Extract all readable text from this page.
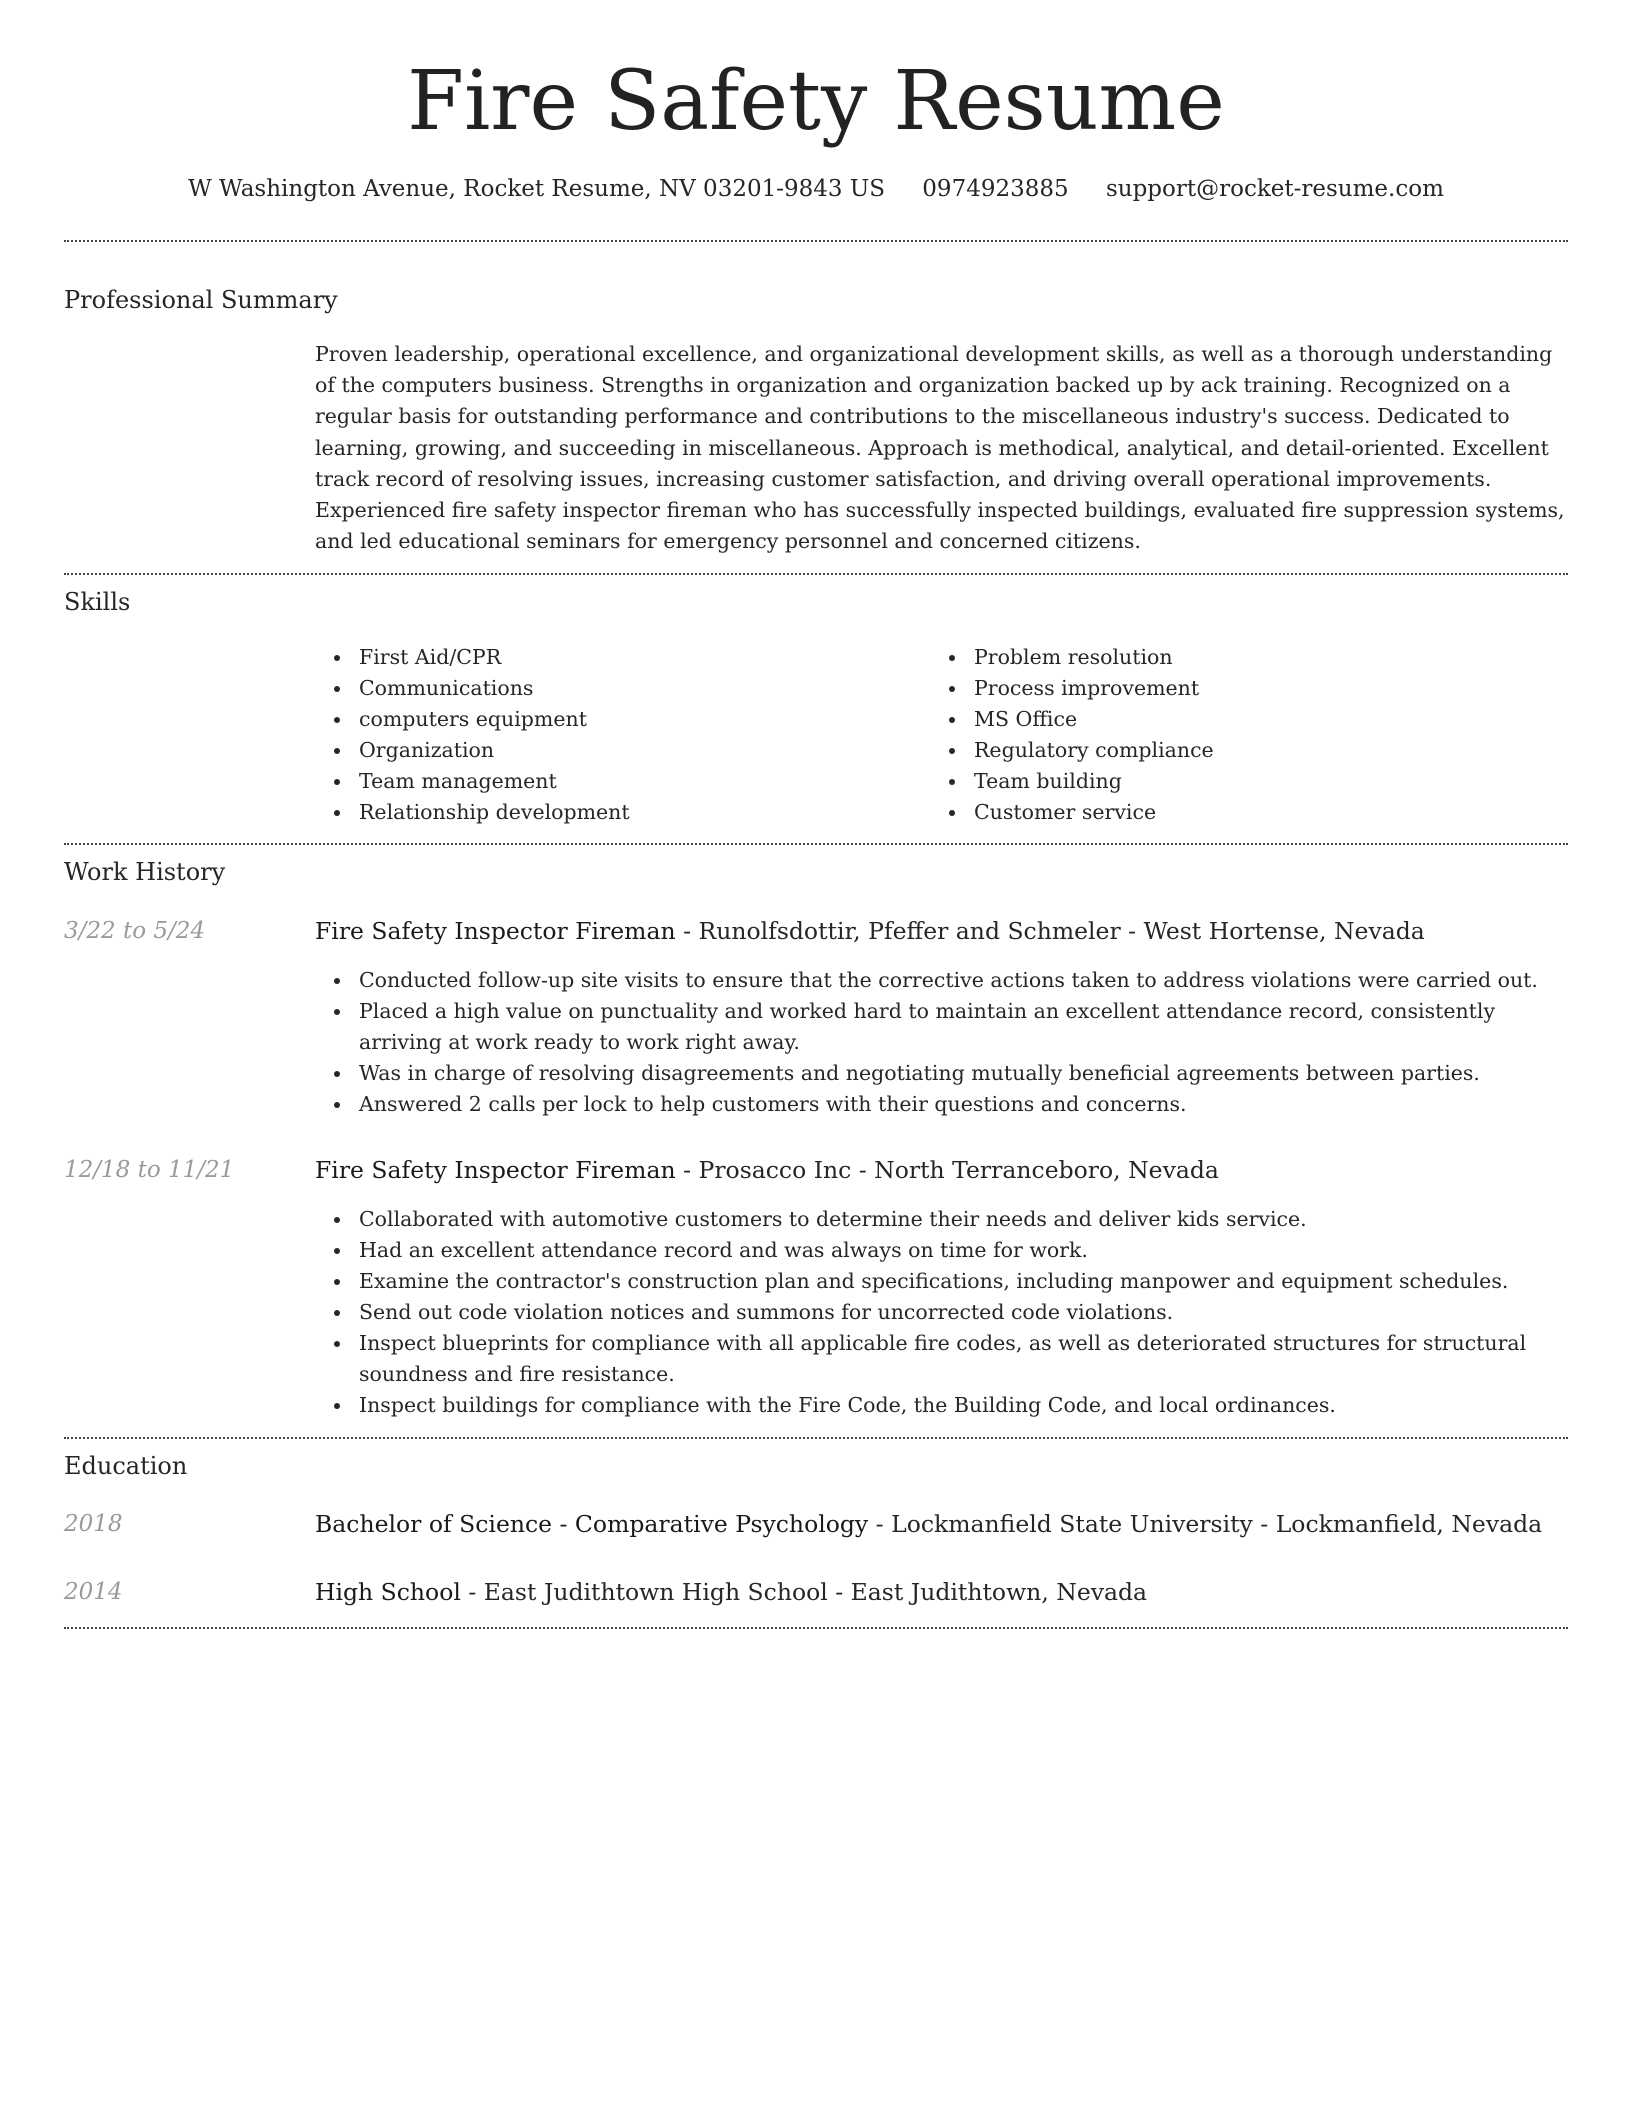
Fire Safety Resume
W Washington Avenue, Rocket Resume, NV 03201-9843 US 0974923885 support@rocket-resume.com
Professional Summary
Proven leadership, operational excellence, and organizational development skills, as well as a thorough understanding of the computers business. Strengths in organization and organization backed up by ack training. Recognized on a regular basis for outstanding performance and contributions to the miscellaneous industry's success. Dedicated to learning, growing, and succeeding in miscellaneous. Approach is methodical, analytical, and detail-oriented. Excellent track record of resolving issues, increasing customer satisfaction, and driving overall operational improvements. Experienced fire safety inspector fireman who has successfully inspected buildings, evaluated fire suppression systems, and led educational seminars for emergency personnel and concerned citizens.
Skills
First Aid/CPR
Communications
computers equipment
Organization
Team management
Relationship development
Problem resolution
Process improvement
MS Office
Regulatory compliance
Team building
Customer service
Work History
3/22 to 5/24	Fire Safety Inspector Fireman - Runolfsdottir, Pfeffer and Schmeler - West Hortense, Nevada
Conducted follow-up site visits to ensure that the corrective actions taken to address violations were carried out.
Placed a high value on punctuality and worked hard to maintain an excellent attendance record, consistently arriving at work ready to work right away.
Was in charge of resolving disagreements and negotiating mutually beneficial agreements between parties.
Answered 2 calls per lock to help customers with their questions and concerns.
12/18 to 11/21	Fire Safety Inspector Fireman - Prosacco Inc - North Terranceboro, Nevada
Collaborated with automotive customers to determine their needs and deliver kids service.
Had an excellent attendance record and was always on time for work.
Examine the contractor's construction plan and specifications, including manpower and equipment schedules.
Send out code violation notices and summons for uncorrected code violations.
Inspect blueprints for compliance with all applicable fire codes, as well as deteriorated structures for structural soundness and fire resistance.
Inspect buildings for compliance with the Fire Code, the Building Code, and local ordinances.
Education
2018	Bachelor of Science - Comparative Psychology - Lockmanfield State University - Lockmanfield, Nevada
2014	High School - East Judithtown High School - East Judithtown, Nevada
